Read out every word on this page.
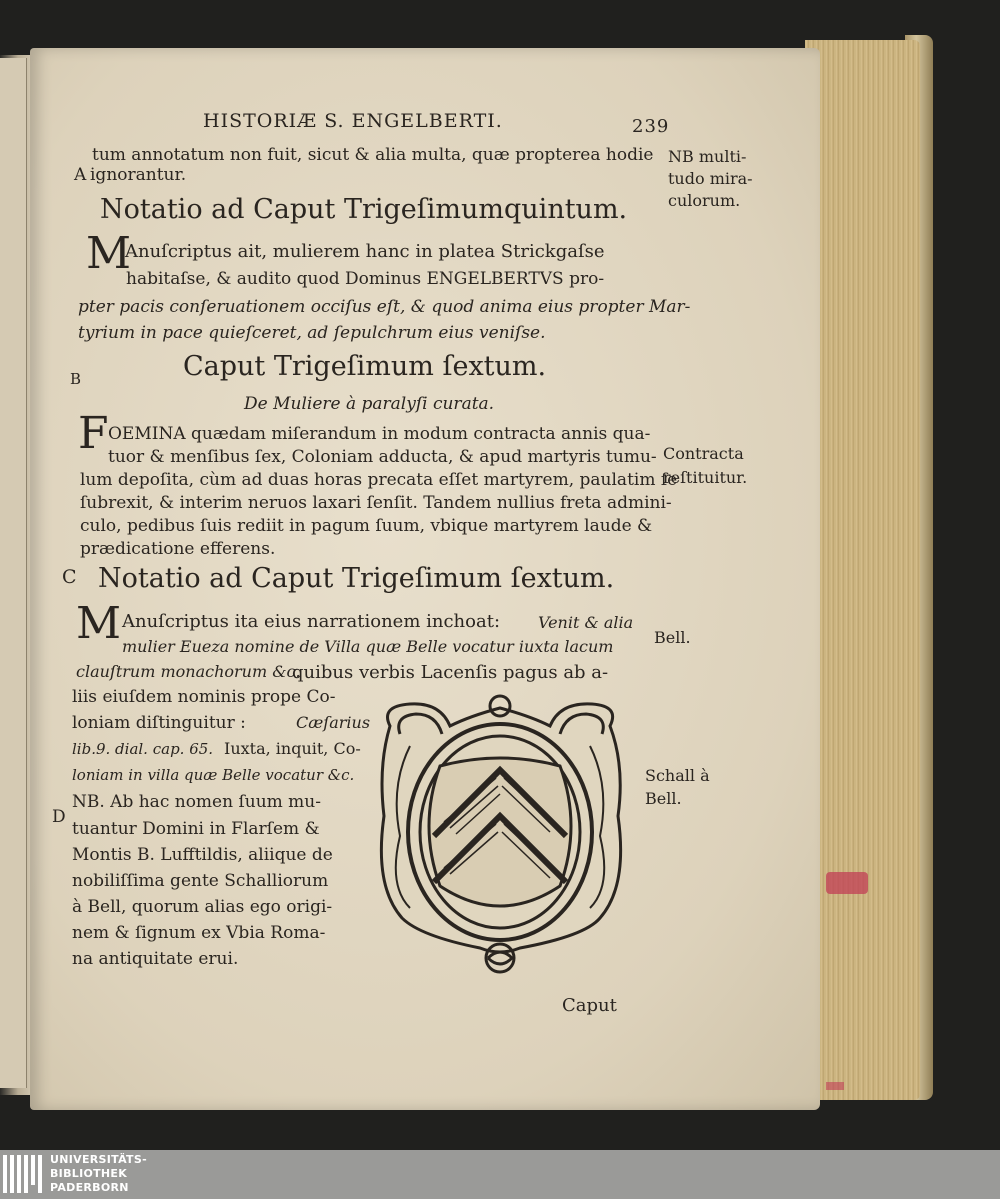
HISTORIÆ S. ENGELBERTI.	239
tum annotatum non fuit, sicut & alia multa, quæ propterea hodie
A ignorantur.
NB multi-
tudo mira-
culorum.
Notatio ad Caput Trigeſimumquintum.
M
Anuſcriptus ait, mulierem hanc in platea Strickgaſse
habitaſse, & audito quod Dominus ENGELBERTVS pro-
pter pacis conſeruationem occiſus eſt, & quod anima eius propter Mar-
tyrium in pace quieſceret, ad ſepulchrum eius veniſse.
B	Caput Trigeſimum ſextum.
De Muliere à paralyſi curata.
F OEMINA quædam miſerandum in modum contracta annis qua-
tuor & menſibus ſex, Coloniam adducta, & apud martyris tumu-
lum depoſita, cùm ad duas horas precata eſſet martyrem, paulatim ſe
ſubrexit, & interim neruos laxari ſenſit. Tandem nullius freta admini-
culo, pedibus ſuis rediit in pagum ſuum, vbique martyrem laude &
prædicatione efferens.
Contracta
reſtituitur.
C Notatio ad Caput Trigeſimum ſextum.
M Anuſcriptus ita eius narrationem inchoat: Venit & alia
mulier Eueza nomine de Villa quæ Belle vocatur iuxta lacum
clauſtrum monachorum &c.
quibus verbis Lacenſis pagus ab a-
Bell.
liis eiuſdem nominis prope Co-
loniam diſtinguitur :	Cæſarius
lib.9. dial. cap. 65. Iuxta, inquit, Co-
loniam in villa quæ Belle vocatur &c.
NB. Ab hac nomen ſuum mu-
D
tuantur Domini in Flarſem &
Montis B. Lufftildis, aliique de
nobiliſſima gente Schalliorum
à Bell, quorum alias ego origi-
nem & ſignum ex Vbia Roma-
na antiquitate erui.
Schall à
Bell.
Caput
UNIVERSITÄTS-
BIBLIOTHEK
PADERBORN
